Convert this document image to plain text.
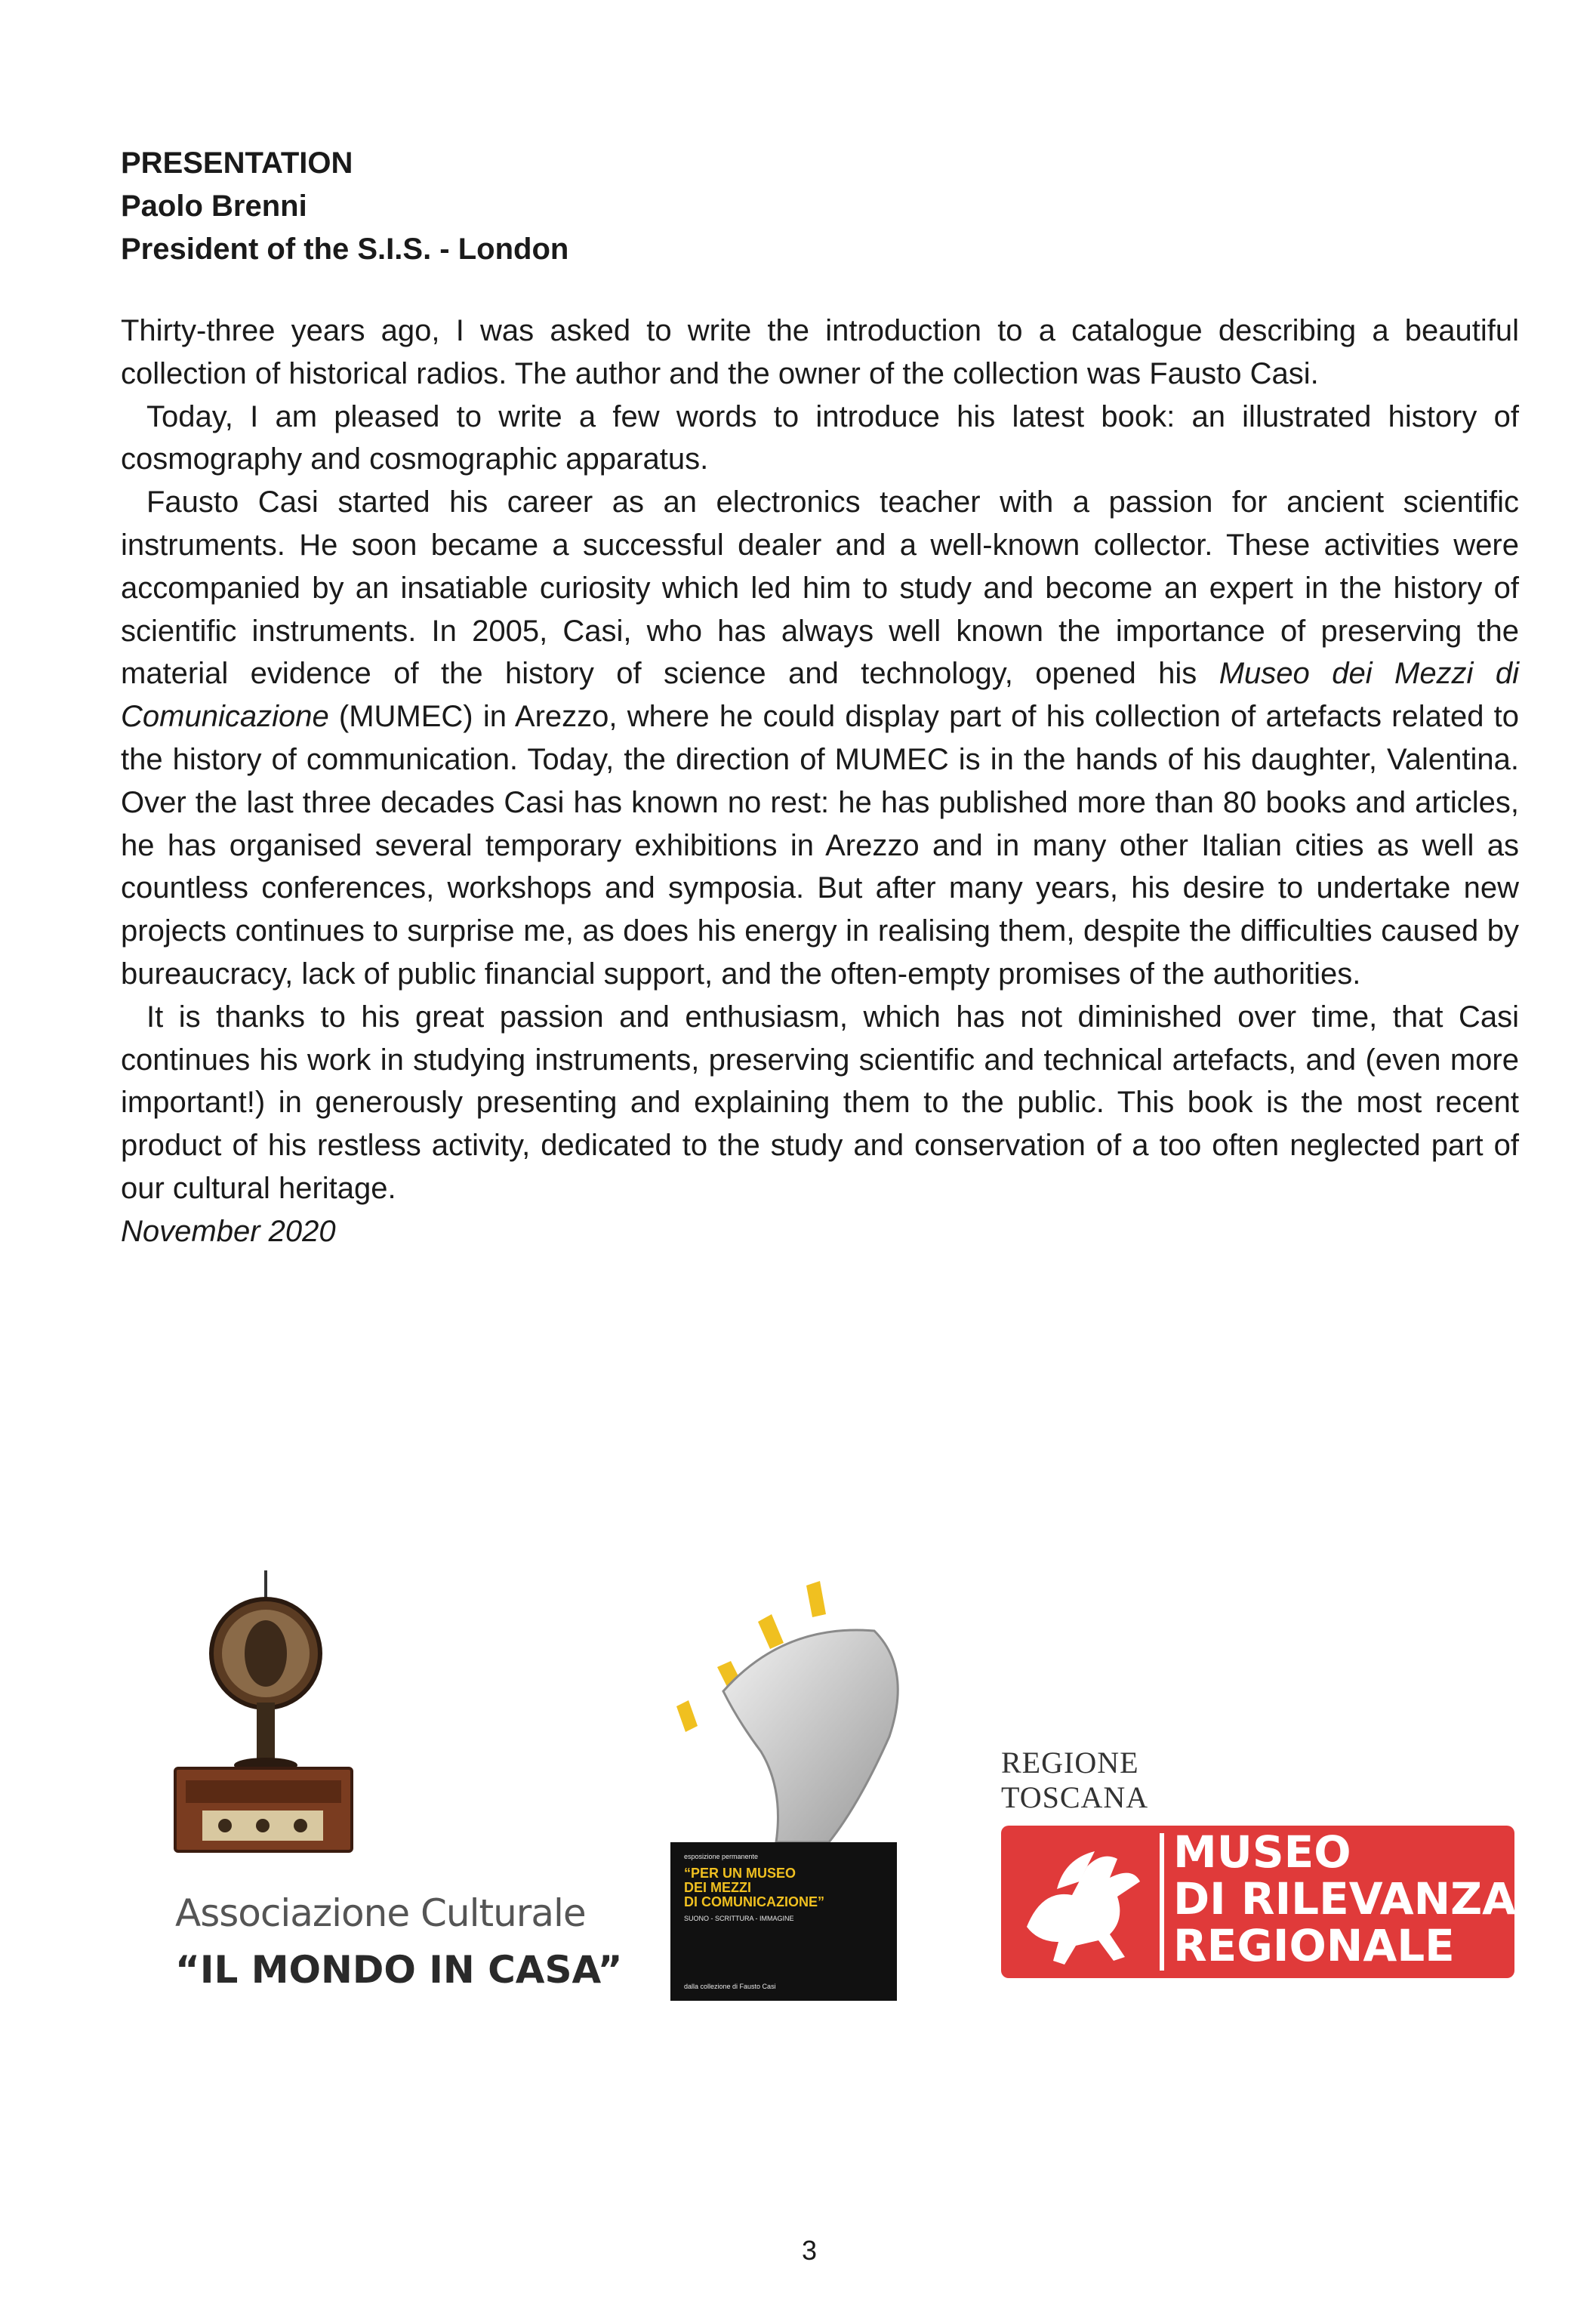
PRESENTATION
Paolo Brenni
President of the S.I.S. - London

Thirty-three years ago, I was asked to write the introduction to a catalogue describing a beautiful collection of historical radios. The author and the owner of the collection was Fausto Casi.

Today, I am pleased to write a few words to introduce his latest book: an illustrated history of cosmography and cosmographic apparatus.

Fausto Casi started his career as an electronics teacher with a passion for ancient scientific instruments. He soon became a successful dealer and a well-known collector. These activities were accompanied by an insatiable curiosity which led him to study and become an expert in the history of scientific instruments. In 2005, Casi, who has always well known the importance of preserving the material evidence of the history of science and technology, opened his Museo dei Mezzi di Comunicazione (MUMEC) in Arezzo, where he could display part of his collection of artefacts related to the history of communication. Today, the direction of MUMEC is in the hands of his daughter, Valentina. Over the last three decades Casi has known no rest: he has published more than 80 books and articles, he has organised several temporary exhibitions in Arezzo and in many other Italian cities as well as countless conferences, workshops and symposia. But after many years, his desire to undertake new projects continues to surprise me, as does his energy in realising them, despite the difficulties caused by bureaucracy, lack of public financial support, and the often-empty promises of the authorities.

It is thanks to his great passion and enthusiasm, which has not diminished over time, that Casi continues his work in studying instruments, preserving scientific and technical artefacts, and (even more important!) in generously presenting and explaining them to the public. This book is the most recent product of his restless activity, dedicated to the study and conservation of a too often neglected part of our cultural heritage.

November 2020

Associazione Culturale
“IL MONDO IN CASA”
esposizione permanente
“PER UN MUSEO
DEI MEZZI
DI COMUNICAZIONE”
SUONO - SCRITTURA - IMMAGINE
dalla collezione di Fausto Casi
REGIONE
TOSCANA
MUSEO
DI RILEVANZA
REGIONALE
3
